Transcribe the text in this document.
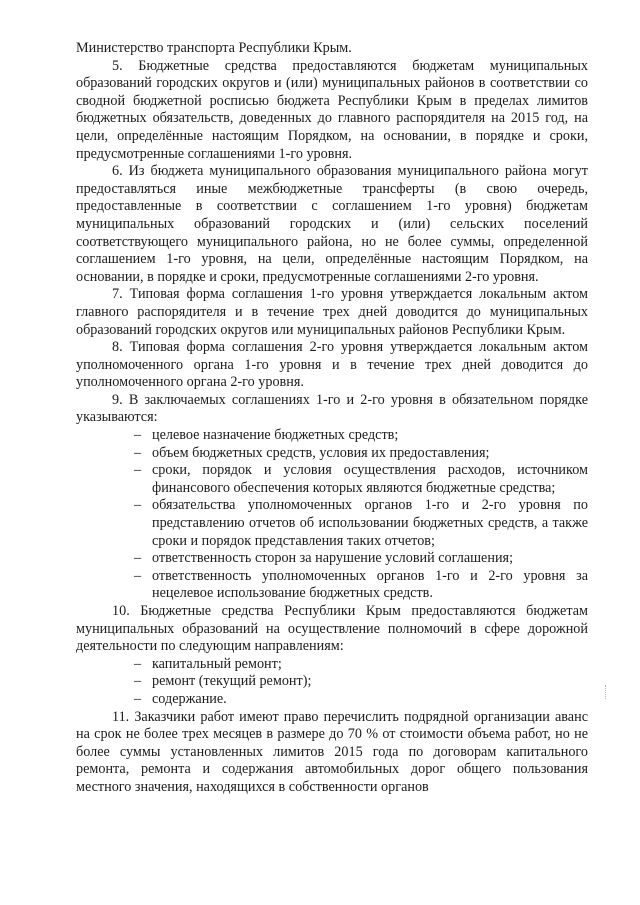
Министерство транспорта Республики Крым.

5. Бюджетные средства предоставляются бюджетам муниципальных образований городских округов и (или) муниципальных районов в соответствии со сводной бюджетной росписью бюджета Республики Крым в пределах лимитов бюджетных обязательств, доведенных до главного распорядителя на 2015 год, на цели, определённые настоящим Порядком, на основании, в порядке и сроки, предусмотренные соглашениями 1-го уровня.

6. Из бюджета муниципального образования муниципального района могут предоставляться иные межбюджетные трансферты (в свою очередь, предоставленные в соответствии с соглашением 1-го уровня) бюджетам муниципальных образований городских и (или) сельских поселений соответствующего муниципального района, но не более суммы, определенной соглашением 1-го уровня, на цели, определённые настоящим Порядком, на основании, в порядке и сроки, предусмотренные соглашениями 2-го уровня.

7. Типовая форма соглашения 1-го уровня утверждается локальным актом главного распорядителя и в течение трех дней доводится до муниципальных образований городских округов или муниципальных районов Республики Крым.

8. Типовая форма соглашения 2-го уровня утверждается локальным актом уполномоченного органа 1-го уровня и в течение трех дней доводится до уполномоченного органа 2-го уровня.

9. В заключаемых соглашениях 1-го и 2-го уровня в обязательном порядке указываются:

– целевое назначение бюджетных средств;
– объем бюджетных средств, условия их предоставления;
– сроки, порядок и условия осуществления расходов, источником финансового обеспечения которых являются бюджетные средства;
– обязательства уполномоченных органов 1-го и 2-го уровня по представлению отчетов об использовании бюджетных средств, а также сроки и порядок представления таких отчетов;
– ответственность сторон за нарушение условий соглашения;
– ответственность уполномоченных органов 1-го и 2-го уровня за нецелевое использование бюджетных средств.

10. Бюджетные средства Республики Крым предоставляются бюджетам муниципальных образований на осуществление полномочий в сфере дорожной деятельности по следующим направлениям:

– капитальный ремонт;
– ремонт (текущий ремонт);
– содержание.

11. Заказчики работ имеют право перечислить подрядной организации аванс на срок не более трех месяцев в размере до 70 % от стоимости объема работ, но не более суммы установленных лимитов 2015 года по договорам капитального ремонта, ремонта и содержания автомобильных дорог общего пользования местного значения, находящихся в собственности органов
